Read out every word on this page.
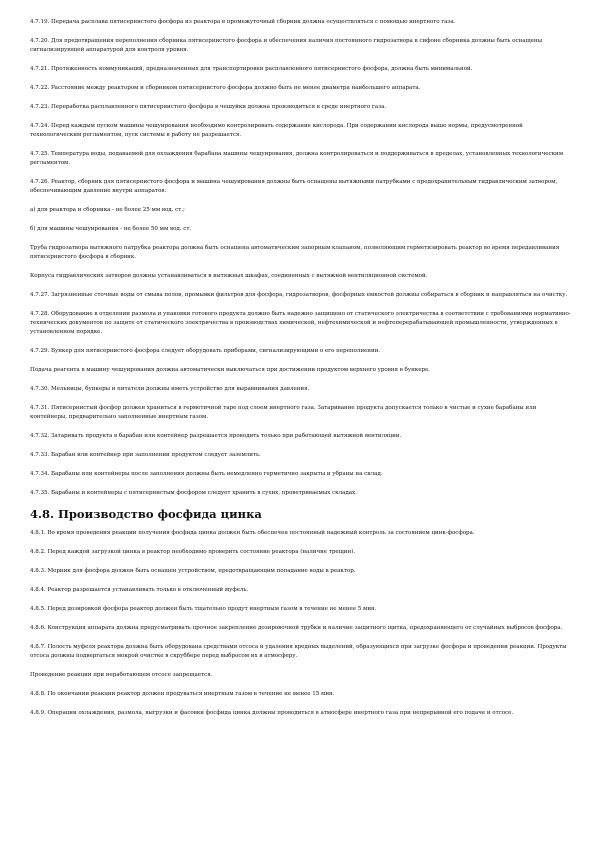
4.7.19. Передача расплава пятисернистого фосфора из реактора в промежуточный сборник должна осуществляться с помощью инертного газа.

4.7.20. Для предотвращения переполнения сборника пятисернистого фосфора и обеспечения наличия постоянного гидрозатвора в сифоне сборника должны быть оснащены сигнализирующей аппаратурой для контроля уровня.

4.7.21. Протяженность коммуникаций, предназначенных для транспортировки расплавленного пятисернистого фосфора, должна быть минимальной.

4.7.22. Расстояние между реактором и сборником пятисернистого фосфора должно быть не менее диаметра наибольшего аппарата.

4.7.23. Переработка расплавленного пятисернистого фосфора в чешуйки должна производиться в среде инертного газа.

4.7.24. Перед каждым пуском машины чешуирования необходимо контролировать содержание кислорода. При содержании кислорода выше нормы, предусмотренной технологическим регламентом, пуск системы в работу не разрешается.

4.7.25. Температура воды, подаваемой для охлаждения барабана машины чешуирования, должна контролироваться и поддерживаться в пределах, установленных технологическим регламентом.

4.7.26. Реактор, сборник для пятисернистого фосфора и машина чешуирования должны быть оснащены вытяжными патрубками с предохранительным гидравлическим затвором, обеспечивающим давление внутри аппаратов:

а) для реактора и сборника - не более 25 мм вод. ст.;

б) для машины чешуирования - не более 50 мм вод. ст.

Труба гидрозатвора вытяжного патрубка реактора должна быть оснащена автоматическим запорным клапаном, позволяющим герметизировать реактор во время передавливания пятисернистого фосфора в сборник.

Корпуса гидравлических затворов должны устанавливаться в вытяжных шкафах, соединенных с вытяжной вентиляционной системой.

4.7.27. Загрязненные сточные воды от смыва полов, промывки фильтров для фосфора, гидрозатворов, фосфорных емкостей должны собираться в сборник и направляться на очистку.

4.7.28. Оборудование в отделении размола и упаковки готового продукта должно быть надежно защищено от статического электричества в соответствии с требованиями нормативно-технических документов по защите от статического электричества в производствах химической, нефтехимической и нефтеперерабатывающей промышленности, утвержденных в установленном порядке.

4.7.29. Бункер для пятисернистого фосфора следует оборудовать приборами, сигнализирующими о его переполнении.

Подача реагента в машину чешуирования должна автоматически выключаться при достижении продуктом верхнего уровня в бункере.

4.7.30. Мельницы, бункеры и питатели должны иметь устройство для выравнивания давления.

4.7.31. Пятисернистый фосфор должен храниться в герметичной таре под слоем инертного газа. Затаривание продукта допускается только в чистые и сухие барабаны или контейнеры, предварительно заполненные инертным газом.

4.7.32. Затаривать продукта в барабан или контейнер разрешается проводить только при работающей вытяжной вентиляции.

4.7.33. Барабан или контейнер при заполнении продуктом следует заземлить.

4.7.34. Барабаны или контейнеры после заполнения должны быть немедленно герметично закрыты и убраны на склад.

4.7.35. Барабаны и контейнеры с пятисернистым фосфором следует хранить в сухих, проветриваемых складах.

4.8. Производство фосфида цинка

4.8.1. Во время проведения реакции получения фосфида цинка должен быть обеспечен постоянный надежный контроль за состоянием цинк-фосфора.

4.8.2. Перед каждой загрузкой цинка в реактор необходимо проверить состояние реактора (наличие трещин).

4.8.3. Мерник для фосфора должен быть оснащен устройством, предотвращающим попадание воды в реактор.

4.8.4. Реактор разрешается устанавливать только в отключенный муфель.

4.8.5. Перед дозировкой фосфора реактор должен быть тщательно продут инертным газом в течение не менее 5 мин.

4.8.6. Конструкция аппарата должна предусматривать прочное закрепление дозировочной трубки и наличие защитного щитка, предохраняющего от случайных выбросов фосфора.

4.8.7. Полость муфеля реактора должна быть оборудована средствами отсоса и удаления вредных выделений, образующихся при загрузке фосфора и проведении реакции. Продукты отсоса должны подвергаться мокрой очистке в скруббере перед выбросом их в атмосферу.

Проведение реакции при неработающем отсосе запрещается.

4.8.8. По окончании реакции реактор должен продуваться инертным газом в течение не менее 15 мин.

4.8.9. Операции охлаждения, размола, выгрузки и фасовки фосфида цинка должны проводиться в атмосфере инертного газа при непрерывной его подаче и отсосе.
